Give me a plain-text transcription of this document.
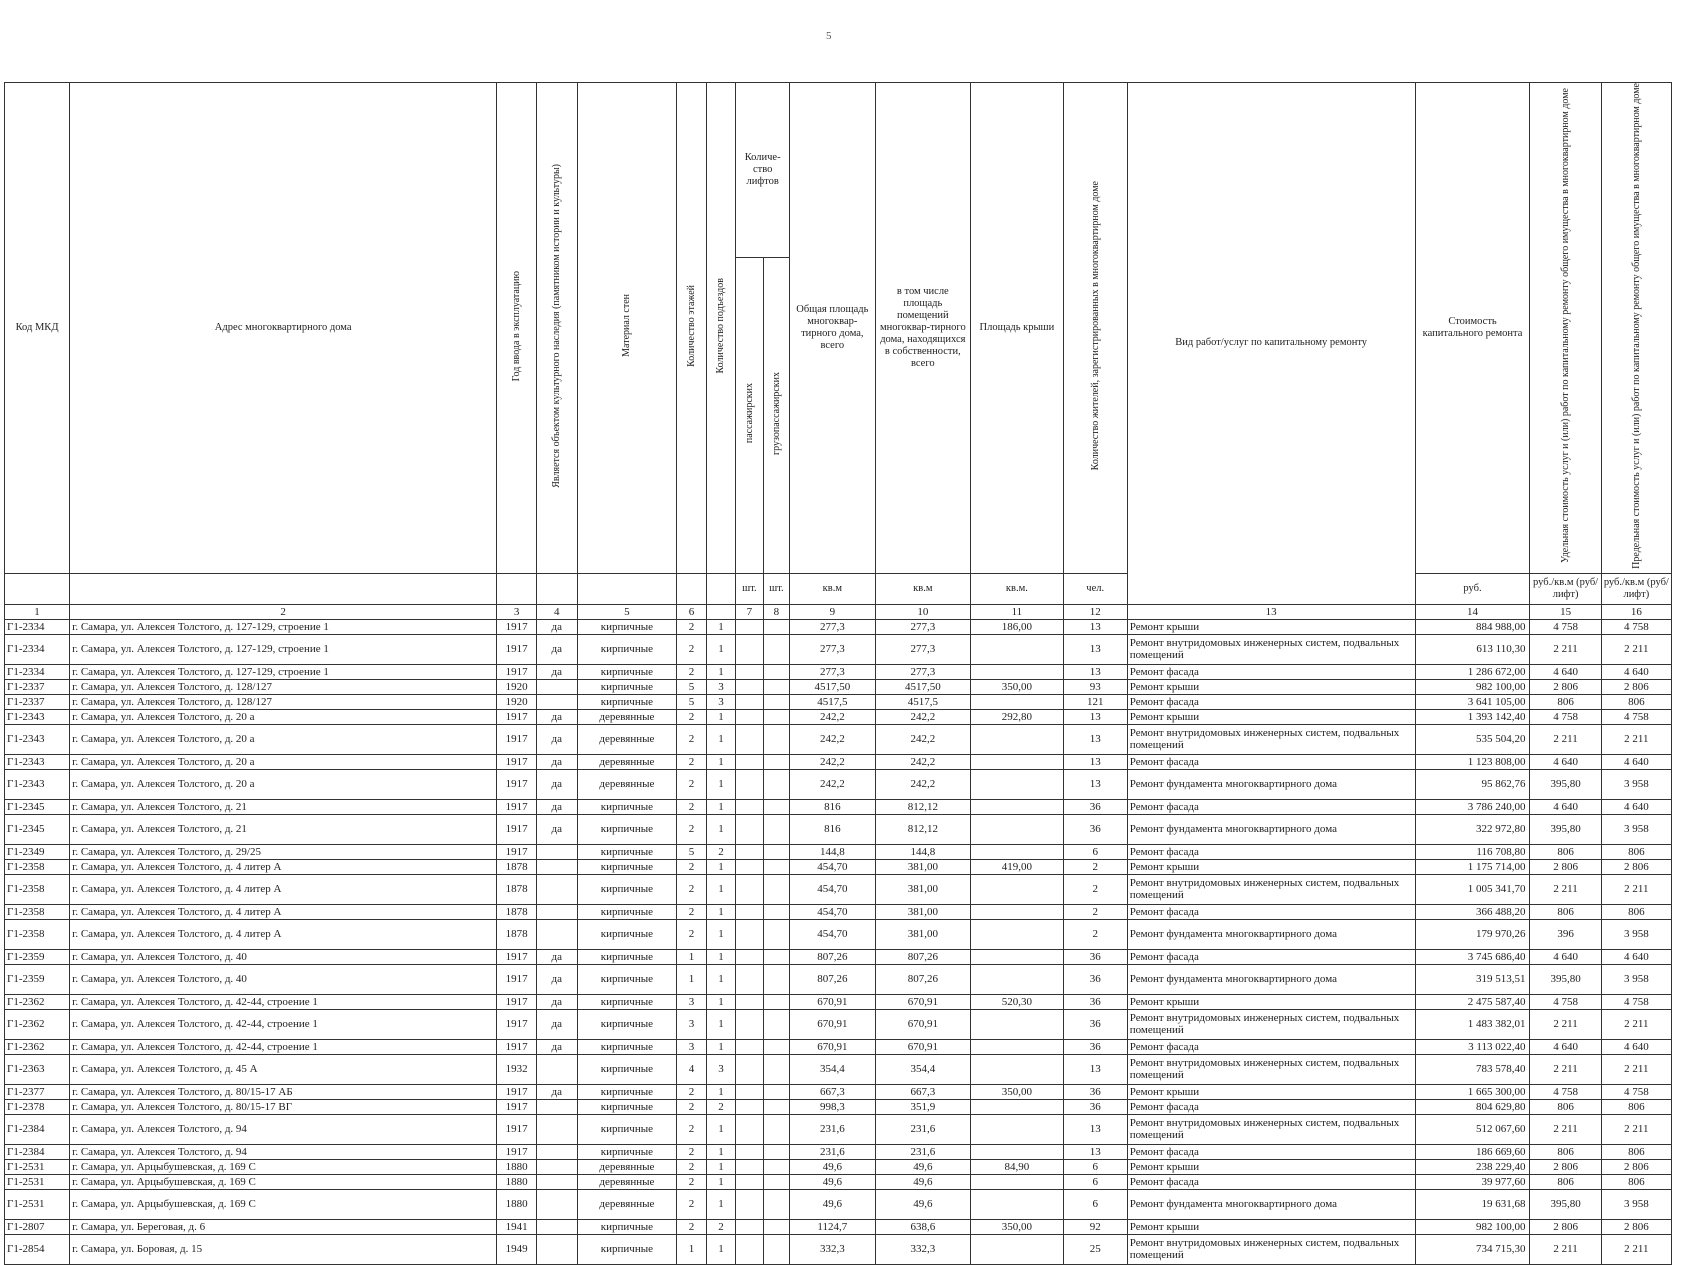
5
Код МКД	Адрес многоквартирного дома	Год ввода в эксплуатацию	Является объектом культурного наследия (памятником истории и культуры)	Материал стен	Количество этажей	Количество подъездов	Количе-ство лифтов		Общая площадь многоквар-тирного дома, всего	в том числе площадь помещений многоквар-тирного дома, находящихся в собственности, всего	Площадь крыши	Количество жителей, зарегистрированных в многоквартирном доме	Вид работ/услуг по капитальному ремонту	Стоимость капитального ремонта	Удельная стоимость услуг и (или) работ по капитальному ремонту общего имущества в многоквартирном доме	Предельная стоимость услуг и (или) работ по капитальному ремонту общего имущества в многоквартирном доме
							пассажирских	грузопассажирских								
							шт.	шт.	кв.м	кв.м	кв.м.	чел.		руб.	руб./кв.м (руб/лифт)	руб./кв.м (руб/лифт)
1	2	3	4	5	6		7	8	9	10	11	12	13	14	15	16
Г1-2334	г. Самара, ул. Алексея Толстого, д. 127-129, строение 1	1917	да	кирпичные	2	1			277,3	277,3	186,00	13	Ремонт крыши	884 988,00	4 758	4 758
Г1-2334	г. Самара, ул. Алексея Толстого, д. 127-129, строение 1	1917	да	кирпичные	2	1			277,3	277,3		13	Ремонт внутридомовых инженерных систем, подвальных помещений	613 110,30	2 211	2 211
Г1-2334	г. Самара, ул. Алексея Толстого, д. 127-129, строение 1	1917	да	кирпичные	2	1			277,3	277,3		13	Ремонт фасада	1 286 672,00	4 640	4 640
Г1-2337	г. Самара, ул. Алексея Толстого, д. 128/127	1920		кирпичные	5	3			4517,50	4517,50	350,00	93	Ремонт крыши	982 100,00	2 806	2 806
Г1-2337	г. Самара, ул. Алексея Толстого, д. 128/127	1920		кирпичные	5	3			4517,5	4517,5		121	Ремонт фасада	3 641 105,00	806	806
Г1-2343	г. Самара, ул. Алексея Толстого, д. 20 а	1917	да	деревянные	2	1			242,2	242,2	292,80	13	Ремонт крыши	1 393 142,40	4 758	4 758
Г1-2343	г. Самара, ул. Алексея Толстого, д. 20 а	1917	да	деревянные	2	1			242,2	242,2		13	Ремонт внутридомовых инженерных систем, подвальных помещений	535 504,20	2 211	2 211
Г1-2343	г. Самара, ул. Алексея Толстого, д. 20 а	1917	да	деревянные	2	1			242,2	242,2		13	Ремонт фасада	1 123 808,00	4 640	4 640
Г1-2343	г. Самара, ул. Алексея Толстого, д. 20 а	1917	да	деревянные	2	1			242,2	242,2		13	Ремонт фундамента многоквартирного дома	95 862,76	395,80	3 958
Г1-2345	г. Самара, ул. Алексея Толстого, д. 21	1917	да	кирпичные	2	1			816	812,12		36	Ремонт фасада	3 786 240,00	4 640	4 640
Г1-2345	г. Самара, ул. Алексея Толстого, д. 21	1917	да	кирпичные	2	1			816	812,12		36	Ремонт фундамента многоквартирного дома	322 972,80	395,80	3 958
Г1-2349	г. Самара, ул. Алексея Толстого, д. 29/25	1917		кирпичные	5	2			144,8	144,8		6	Ремонт фасада	116 708,80	806	806
Г1-2358	г. Самара, ул. Алексея Толстого, д. 4 литер А	1878		кирпичные	2	1			454,70	381,00	419,00	2	Ремонт крыши	1 175 714,00	2 806	2 806
Г1-2358	г. Самара, ул. Алексея Толстого, д. 4 литер А	1878		кирпичные	2	1			454,70	381,00		2	Ремонт внутридомовых инженерных систем, подвальных помещений	1 005 341,70	2 211	2 211
Г1-2358	г. Самара, ул. Алексея Толстого, д. 4 литер А	1878		кирпичные	2	1			454,70	381,00		2	Ремонт фасада	366 488,20	806	806
Г1-2358	г. Самара, ул. Алексея Толстого, д. 4 литер А	1878		кирпичные	2	1			454,70	381,00		2	Ремонт фундамента многоквартирного дома	179 970,26	396	3 958
Г1-2359	г. Самара, ул. Алексея Толстого, д. 40	1917	да	кирпичные	1	1			807,26	807,26		36	Ремонт фасада	3 745 686,40	4 640	4 640
Г1-2359	г. Самара, ул. Алексея Толстого, д. 40	1917	да	кирпичные	1	1			807,26	807,26		36	Ремонт фундамента многоквартирного дома	319 513,51	395,80	3 958
Г1-2362	г. Самара, ул. Алексея Толстого, д. 42-44, строение 1	1917	да	кирпичные	3	1			670,91	670,91	520,30	36	Ремонт крыши	2 475 587,40	4 758	4 758
Г1-2362	г. Самара, ул. Алексея Толстого, д. 42-44, строение 1	1917	да	кирпичные	3	1			670,91	670,91		36	Ремонт внутридомовых инженерных систем, подвальных помещений	1 483 382,01	2 211	2 211
Г1-2362	г. Самара, ул. Алексея Толстого, д. 42-44, строение 1	1917	да	кирпичные	3	1			670,91	670,91		36	Ремонт фасада	3 113 022,40	4 640	4 640
Г1-2363	г. Самара, ул. Алексея Толстого, д. 45 А	1932		кирпичные	4	3			354,4	354,4		13	Ремонт внутридомовых инженерных систем, подвальных помещений	783 578,40	2 211	2 211
Г1-2377	г. Самара, ул. Алексея Толстого, д. 80/15-17 АБ	1917	да	кирпичные	2	1			667,3	667,3	350,00	36	Ремонт крыши	1 665 300,00	4 758	4 758
Г1-2378	г. Самара, ул. Алексея Толстого, д. 80/15-17 ВГ	1917		кирпичные	2	2			998,3	351,9		36	Ремонт фасада	804 629,80	806	806
Г1-2384	г. Самара, ул. Алексея Толстого, д. 94	1917		кирпичные	2	1			231,6	231,6		13	Ремонт внутридомовых инженерных систем, подвальных помещений	512 067,60	2 211	2 211
Г1-2384	г. Самара, ул. Алексея Толстого, д. 94	1917		кирпичные	2	1			231,6	231,6		13	Ремонт фасада	186 669,60	806	806
Г1-2531	г. Самара, ул. Арцыбушевская, д. 169 С	1880		деревянные	2	1			49,6	49,6	84,90	6	Ремонт крыши	238 229,40	2 806	2 806
Г1-2531	г. Самара, ул. Арцыбушевская, д. 169 С	1880		деревянные	2	1			49,6	49,6		6	Ремонт фасада	39 977,60	806	806
Г1-2531	г. Самара, ул. Арцыбушевская, д. 169 С	1880		деревянные	2	1			49,6	49,6		6	Ремонт фундамента многоквартирного дома	19 631,68	395,80	3 958
Г1-2807	г. Самара, ул. Береговая, д. 6	1941		кирпичные	2	2			1124,7	638,6	350,00	92	Ремонт крыши	982 100,00	2 806	2 806
Г1-2854	г. Самара, ул. Боровая, д. 15	1949		кирпичные	1	1			332,3	332,3		25	Ремонт внутридомовых инженерных систем, подвальных помещений	734 715,30	2 211	2 211
